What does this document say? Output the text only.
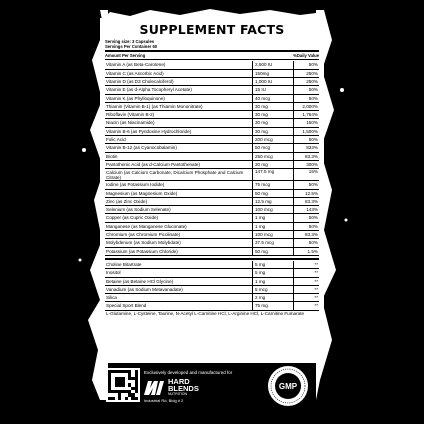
SUPPLEMENT FACTS
Serving size: 3 Capsules
Servings Per Container 60
Amount Per Serving	%Daily Value
Vitamin A (as Beta-Carotene)	2,500 IU	50%
Vitamin C (as Ascorbic Acid)	150mg	250%
Vitamin D (as D3 Cholecalciferol)	1,000 IU	250%
Vitamin E (as d-Alpha Tocopheryl Acetate)	15 IU	50%
Vitamin K (as Phylloquinone)	40 mcg	50%
Thiamin (Vitamin B-1) (as Thiamin Mononitrate)	30 mg	2,000%
Riboflavin (Vitamin B-2)	30 mg	1,764%
Niacin (as Niacinamide)	30 mg	150%
Vitamin B-6 (as Pyridoxine Hydrochloride)	30 mg	1,500%
Folic Acid	200 mcg	50%
Vitamin B-12 (as Cyanocobalamin)	50 mcg	833%
Biotin	250 mcg	83.3%
Pantothenic Acid (as d-Calcium Pantothenate)	30 mg	300%
Calcium (as Calcium Carbonate, Dicalcium Phosphate and Calcium Citrate)
147.5 mg	15%
Iodine (as Potassium Iodide)	75 mcg	50%
Magnesium (as Magnesium Oxide)	50 mg	12.5%
Zinc (as Zinc Oxide)	12.5 mg	83.3%
Selenium (as Sodium Selenate)	100 mcg	143%
Copper (as Cupric Oxide)	1 mg	50%
Manganese (as Manganese Gluconate)	1 mg	50%
Chromium (as Chromium Picolinate)	100 mcg	83.3%
Molybdenum (as Sodium Molybdate)	37.5 mcg	50%
Potassium (as Potassium Chloride)	50 mg	1.5%
Choline Bitartrate	5 mg	**
Inositol	5 mg	**
Betaine (as Betaine HCl Glycine)	1 mg	**
Vanadium (as Sodium Metavanadate)	5 mcg	**
Silica	2 mg	**
Special Sport Blend	75 mg	**
L-Glutamine, L-Cysteine, Taurine, N-Acetyl L-Carnitine HCl, L-Arginine HCl, L-Carnitine Fumarate
Exclusively developed and manufactured for
HARD
BLENDS
NUTRITION
Industrial Rd, Bldg # 2
GMP
